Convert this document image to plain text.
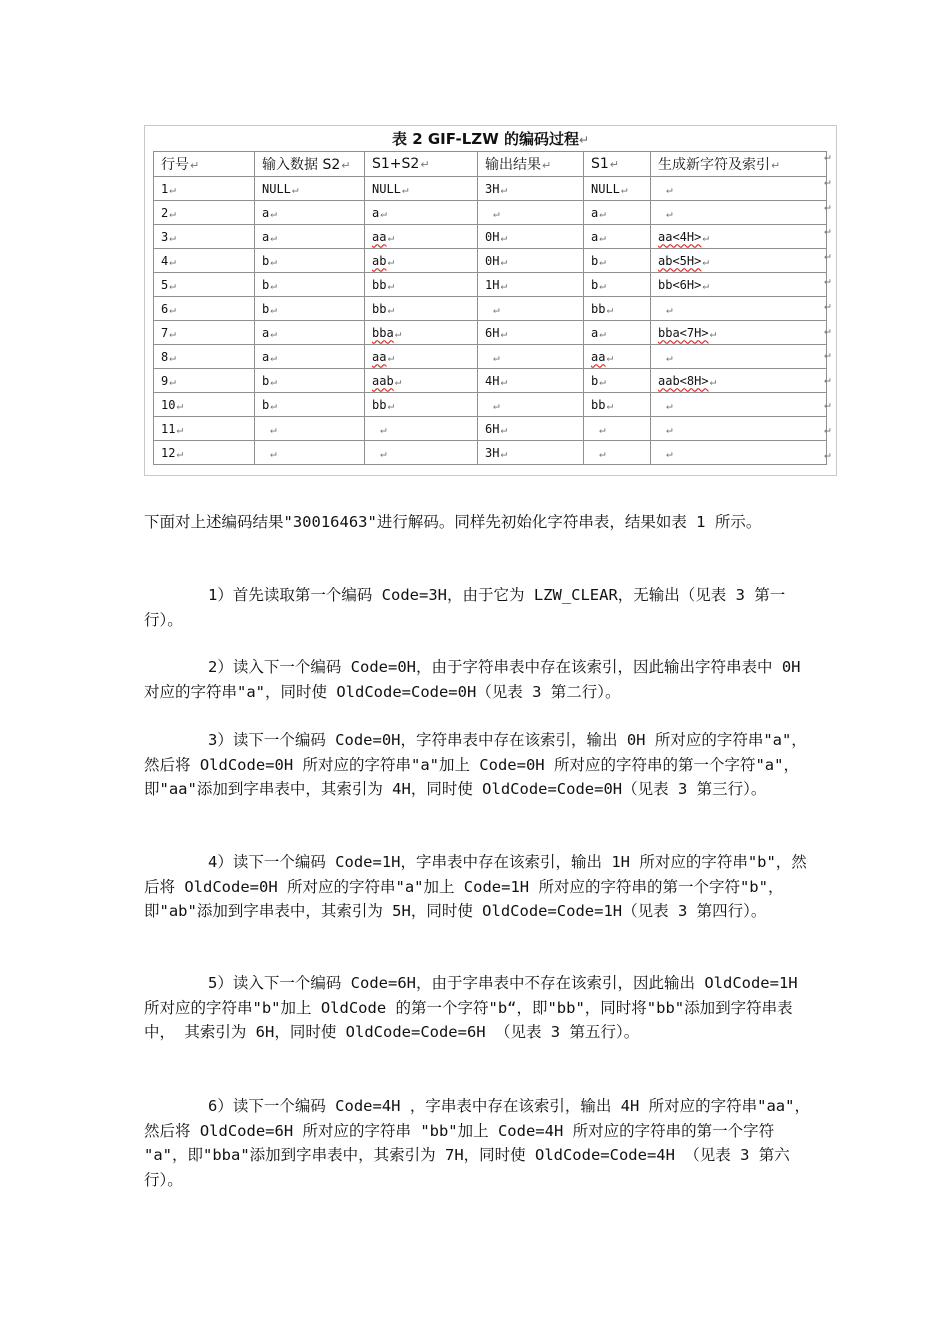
表 2 GIF-LZW 的编码过程↵
行号↵	输入数据 S2↵	S1+S2↵	输出结果↵	S1↵	生成新字符及索引↵
1↵	NULL↵	NULL↵	3H↵	NULL↵	↵
2↵	a↵	a↵	↵	a↵	↵
3↵	a↵	aa↵	0H↵	a↵	aa<4H>↵
4↵	b↵	ab↵	0H↵	b↵	ab<5H>↵
5↵	b↵	bb↵	1H↵	b↵	bb<6H>↵
6↵	b↵	bb↵	↵	bb↵	↵
7↵	a↵	bba↵	6H↵	a↵	bba<7H>↵
8↵	a↵	aa↵	↵	aa↵	↵
9↵	b↵	aab↵	4H↵	b↵	aab<8H>↵
10↵	b↵	bb↵	↵	bb↵	↵
11↵	↵	↵	6H↵	↵	↵
12↵	↵	↵	3H↵	↵	↵
↵
↵
↵
↵
↵
↵
↵
↵
↵
↵
↵
↵
↵

下面对上述编码结果"30016463"进行解码。同样先初始化字符串表，结果如表 1 所示。

1）首先读取第一个编码 Code=3H，由于它为 LZW_CLEAR，无输出（见表 3 第一行）。

2）读入下一个编码 Code=0H，由于字符串表中存在该索引，因此输出字符串表中 0H 对应的字符串"a"，同时使 OldCode=Code=0H（见表 3 第二行）。

3）读下一个编码 Code=0H，字符串表中存在该索引，输出 0H 所对应的字符串"a"，然后将 OldCode=0H 所对应的字符串"a"加上 Code=0H 所对应的字符串的第一个字符"a"，即"aa"添加到字串表中，其索引为 4H，同时使 OldCode=Code=0H（见表 3 第三行）。

4）读下一个编码 Code=1H，字串表中存在该索引，输出 1H 所对应的字符串"b"，然后将 OldCode=0H 所对应的字符串"a"加上 Code=1H 所对应的字符串的第一个字符"b"，即"ab"添加到字串表中，其索引为 5H，同时使 OldCode=Code=1H（见表 3 第四行）。

5）读入下一个编码 Code=6H，由于字串表中不存在该索引，因此输出 OldCode=1H 所对应的字符串"b"加上 OldCode 的第一个字符"b“，即"bb"，同时将"bb"添加到字符串表中， 其索引为 6H，同时使 OldCode=Code=6H （见表 3 第五行）。

6）读下一个编码 Code=4H ，字串表中存在该索引，输出 4H 所对应的字符串"aa"，然后将 OldCode=6H 所对应的字符串 "bb"加上 Code=4H 所对应的字符串的第一个字符 "a"，即"bba"添加到字串表中，其索引为 7H，同时使 OldCode=Code=4H （见表 3 第六行）。
